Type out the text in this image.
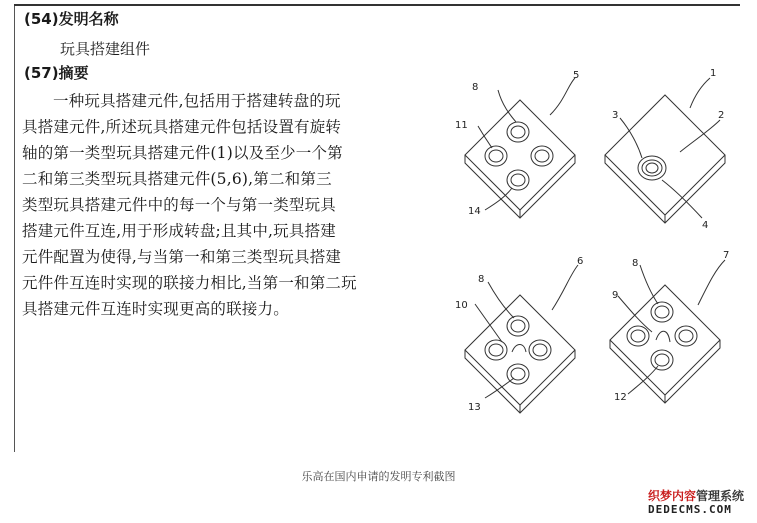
(54)发明名称
玩具搭建组件
(57)摘要

一种玩具搭建元件,包括用于搭建转盘的玩

具搭建元件,所述玩具搭建元件包括设置有旋转

轴的第一类型玩具搭建元件(1)以及至少一个第

二和第三类型玩具搭建元件(5,6),第二和第三

类型玩具搭建元件中的每一个与第一类型玩具

搭建元件互连,用于形成转盘;且其中,玩具搭建

元件配置为使得,与当第一和第三类型玩具搭建

元件件互连时实现的联接力相比,当第一和第二玩

具搭建元件互连时实现更高的联接力。

8
11
5
14
1
3	2
4
8
10
6
13
8
9
7
12
乐高在国内申请的发明专利截图
织梦内容管理系统
DEDECMS.COM
